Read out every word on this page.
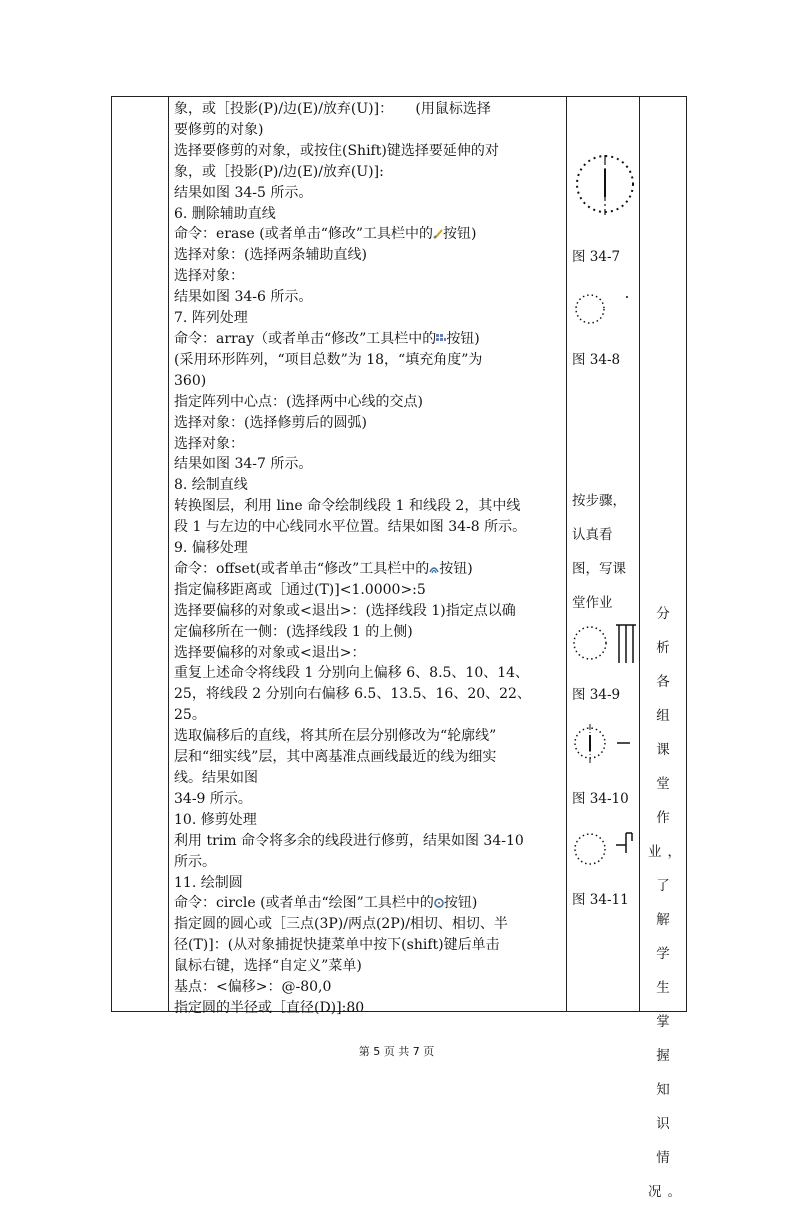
象，或［投影(P)/边(E)/放弃(U)]：     (用鼠标选择
要修剪的对象)
选择要修剪的对象，或按住(Shift)键选择要延伸的对
象，或［投影(P)/边(E)/放弃(U)]:
结果如图 34-5 所示。
6. 删除辅助直线
命令：erase (或者单击“修改”工具栏中的 按钮)
选择对象：(选择两条辅助直线)
选择对象：
结果如图 34-6 所示。
7. 阵列处理
命令：array（或者单击“修改”工具栏中的 按钮)
(采用环形阵列，“项目总数”为 18，“填充角度”为
360)
指定阵列中心点：(选择两中心线的交点)
选择对象：(选择修剪后的圆弧)
选择对象：
结果如图 34-7 所示。
8. 绘制直线
转换图层，利用 line 命令绘制线段 1 和线段 2，其中线
段 1 与左边的中心线同水平位置。结果如图 34-8 所示。
9. 偏移处理
命令：offset(或者单击“修改”工具栏中的 按钮)
指定偏移距离或［通过(T)]<1.0000>:5
选择要偏移的对象或<退出>：(选择线段 1)指定点以确
定偏移所在一侧：(选择线段 1 的上侧)
选择要偏移的对象或<退出>：
重复上述命令将线段 1 分别向上偏移 6、8.5、10、14、
25，将线段 2 分别向右偏移 6.5、13.5、16、20、22、
25。
选取偏移后的直线，将其所在层分别修改为“轮廓线”
层和“细实线”层，其中离基准点画线最近的线为细实
线。结果如图
34-9 所示。
10. 修剪处理
利用 trim 命令将多余的线段进行修剪，结果如图 34-10
所示。
11. 绘制圆
命令：circle (或者单击“绘图”工具栏中的 按钮)
指定圆的圆心或［三点(3P)/两点(2P)/相切、相切、半
径(T)]：(从对象捕捉快捷菜单中按下(shift)键后单击
鼠标右键，选择“自定义”菜单)
基点：<偏移>：@-80,0
指定圆的半径或［直径(D)]:80
图 34-7
图 34-8
按步骤，
认真看
图，写课
堂作业
图 34-9
图 34-10
图 34-11
分析
各组
课堂
作
业，
了解
学生
掌握
知识
情
况。
第 5 页 共 7 页
